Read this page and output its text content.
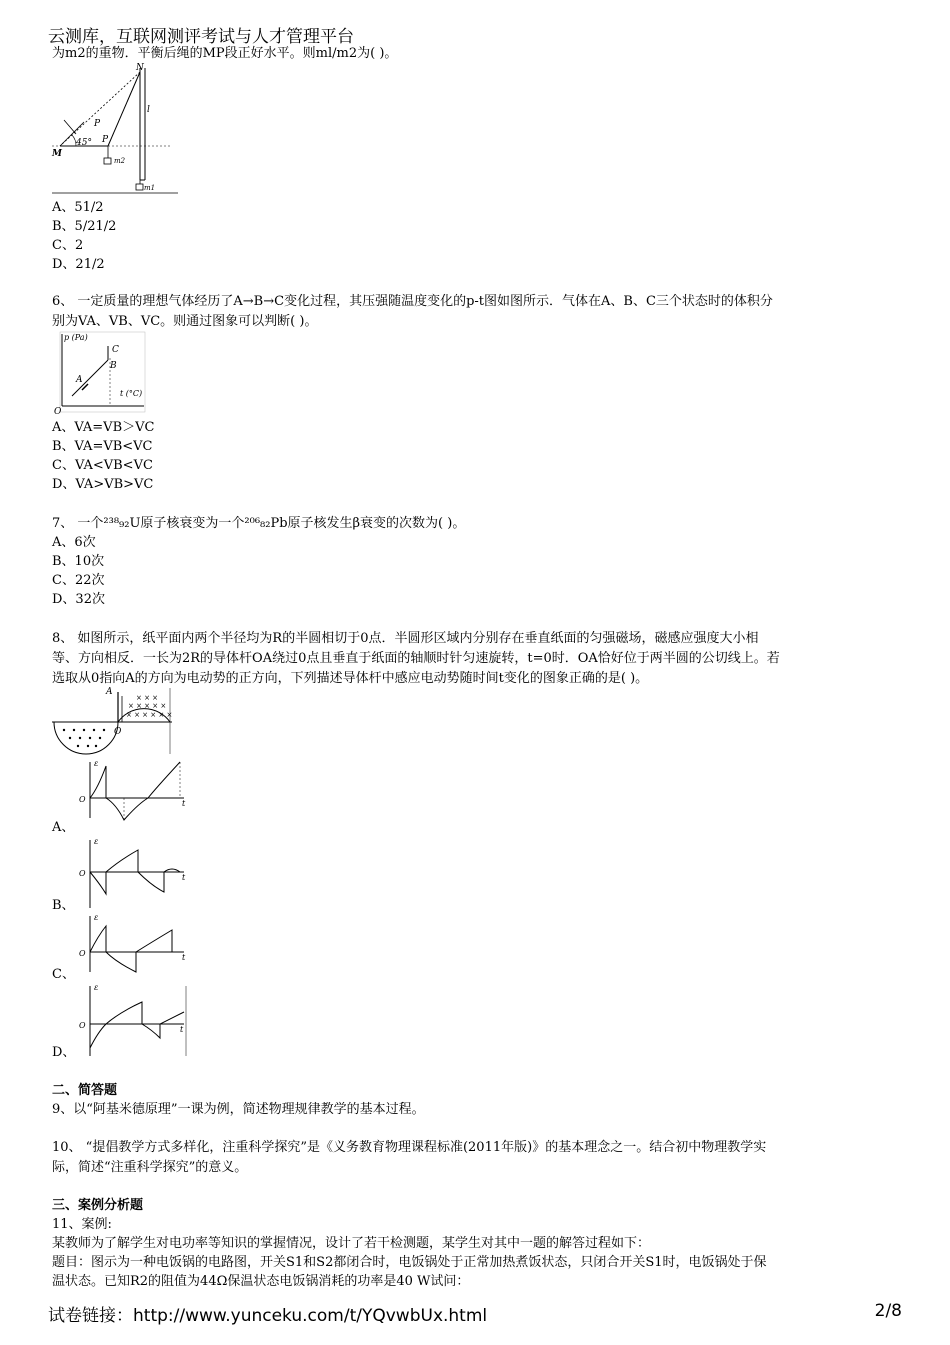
云测库，互联网测评考试与人才管理平台
为m2的重物．平衡后绳的MP段正好水平。则ml/m2为( )。
N
l
P
P
45°
M
m2
m1
A、51/2
B、5/21/2
C、2
D、21/2
6、 一定质量的理想气体经历了A→B→C变化过程，其压强随温度变化的p-t图如图所示．气体在A、B、C三个状态时的体积分
别为VA、VB、VC。则通过图象可以判断( )。
p (Pa)
t (°C)
O
A
B
C
A、VA=VB＞VC
B、VA=VB<VC
C、VA<VB<VC
D、VA>VB>VC
7、 一个²³⁸₉₂U原子核衰变为一个²⁰⁶₈₂Pb原子核发生β衰变的次数为( )。
A、6次
B、10次
C、22次
D、32次
8、 如图所示，纸平面内两个半径均为R的半圆相切于0点．半圆形区域内分别存在垂直纸面的匀强磁场，磁感应强度大小相
等、方向相反．一长为2R的导体杆OA绕过0点且垂直于纸面的轴顺时针匀速旋转，t=0时．OA恰好位于两半圆的公切线上。若
选取从0指向A的方向为电动势的正方向，下列描述导体杆中感应电动势随时间t变化的图象正确的是( )。
× × ×
× × × × ×
× × × × × ×
A
O
ε
t
O
A、
ε
t
O
B、
ε
t
O
C、
ε
t
O
D、
二、简答题
9、以“阿基米德原理”一课为例，简述物理规律教学的基本过程。
10、 “提倡教学方式多样化，注重科学探究”是《义务教育物理课程标准(2011年版)》的基本理念之一。结合初中物理教学实
际，简述“注重科学探究”的意义。
三、案例分析题
11、案例:
某教师为了解学生对电功率等知识的掌握情况，设计了若干检测题，某学生对其中一题的解答过程如下：
题目：图示为一种电饭锅的电路图，开关S1和S2都闭合时，电饭锅处于正常加热煮饭状态，只闭合开关S1时，电饭锅处于保
温状态。已知R2的阻值为44Ω保温状态电饭锅消耗的功率是40 W试问：
试卷链接：http://www.yunceku.com/t/YQvwbUx.html	2/8
